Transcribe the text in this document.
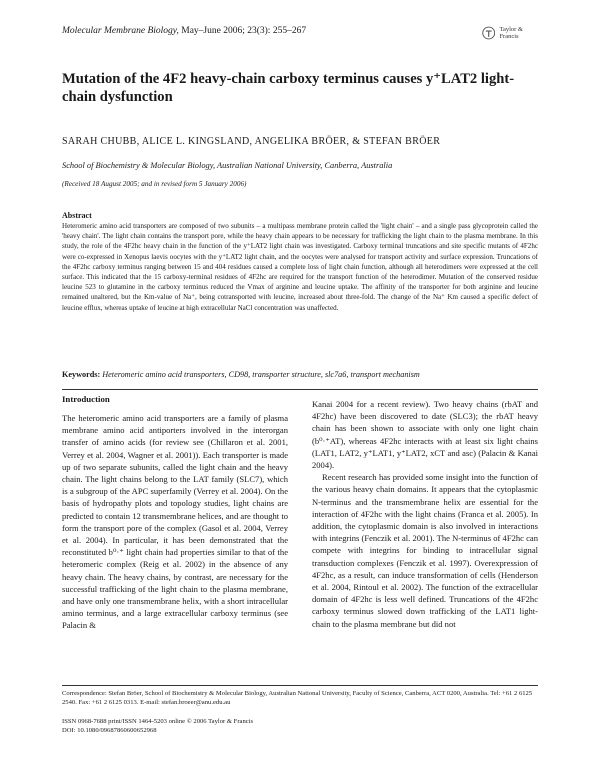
Molecular Membrane Biology, May–June 2006; 23(3): 255–267	Taylor & Francis
Mutation of the 4F2 heavy-chain carboxy terminus causes y⁺LAT2 light-chain dysfunction
SARAH CHUBB, ALICE L. KINGSLAND, ANGELIKA BRÖER, & STEFAN BRÖER
School of Biochemistry & Molecular Biology, Australian National University, Canberra, Australia
(Received 18 August 2005; and in revised form 5 January 2006)
Abstract
Heteromeric amino acid transporters are composed of two subunits – a multipass membrane protein called the 'light chain' – and a single pass glycoprotein called the 'heavy chain'. The light chain contains the transport pore, while the heavy chain appears to be necessary for trafficking the light chain to the plasma membrane. In this study, the role of the 4F2hc heavy chain in the function of the y⁺LAT2 light chain was investigated. Carboxy terminal truncations and site specific mutants of 4F2hc were co-expressed in Xenopus laevis oocytes with the y⁺LAT2 light chain, and the oocytes were analysed for transport activity and surface expression. Truncations of the 4F2hc carboxy terminus ranging between 15 and 404 residues caused a complete loss of light chain function, although all heterodimers were expressed at the cell surface. This indicated that the 15 carboxy-terminal residues of 4F2hc are required for the transport function of the heterodimer. Mutation of the conserved residue leucine 523 to glutamine in the carboxy terminus reduced the Vmax of arginine and leucine uptake. The affinity of the transporter for both arginine and leucine remained unaltered, but the Km-value of Na⁺, being cotransported with leucine, increased about three-fold. The change of the Na⁺ Km caused a specific defect of leucine efflux, whereas uptake of leucine at high extracellular NaCl concentration was unaffected.
Keywords: Heteromeric amino acid transporters, CD98, transporter structure, slc7a6, transport mechanism
Introduction

The heteromeric amino acid transporters are a family of plasma membrane amino acid antiporters involved in the interorgan transfer of amino acids (for review see (Chillaron et al. 2001, Verrey et al. 2004, Wagner et al. 2001)). Each transporter is made up of two separate subunits, called the light chain and the heavy chain. The light chains belong to the LAT family (SLC7), which is a subgroup of the APC superfamily (Verrey et al. 2004). On the basis of hydropathy plots and topology studies, light chains are predicted to contain 12 transmembrane helices, and are thought to form the transport pore of the complex (Gasol et al. 2004, Verrey et al. 2004). In particular, it has been demonstrated that the reconstituted b⁰·⁺ light chain had properties similar to that of the heteromeric complex (Reig et al. 2002) in the absence of any heavy chain. The heavy chains, by contrast, are necessary for the successful trafficking of the light chain to the plasma membrane, and have only one transmembrane helix, with a short intracellular amino terminus, and a large extracellular carboxy terminus (see Palacin &

Kanai 2004 for a recent review). Two heavy chains (rbAT and 4F2hc) have been discovered to date (SLC3); the rbAT heavy chain has been shown to associate with only one light chain (b⁰·⁺AT), whereas 4F2hc interacts with at least six light chains (LAT1, LAT2, y⁺LAT1, y⁺LAT2, xCT and asc) (Palacin & Kanai 2004).

Recent research has provided some insight into the function of the various heavy chain domains. It appears that the cytoplasmic N-terminus and the transmembrane helix are essential for the interaction of 4F2hc with the light chains (Franca et al. 2005). In addition, the cytoplasmic domain is also involved in interactions with integrins (Fenczik et al. 2001). The N-terminus of 4F2hc can compete with integrins for binding to intracellular signal transduction complexes (Fenczik et al. 1997). Overexpression of 4F2hc, as a result, can induce transformation of cells (Henderson et al. 2004, Rintoul et al. 2002). The function of the extracellular domain of 4F2hc is less well defined. Truncations of the 4F2hc carboxy terminus slowed down trafficking of the LAT1 light-chain to the plasma membrane but did not

Correspondence: Stefan Bröer, School of Biochemistry & Molecular Biology, Australian National University, Faculty of Science, Canberra, ACT 0200, Australia. Tel: +61 2 6125 2540. Fax: +61 2 6125 0313. E-mail: stefan.broeer@anu.edu.au
ISSN 0968-7688 print/ISSN 1464-5203 online © 2006 Taylor & Francis
DOI: 10.1080/09687860600652968
